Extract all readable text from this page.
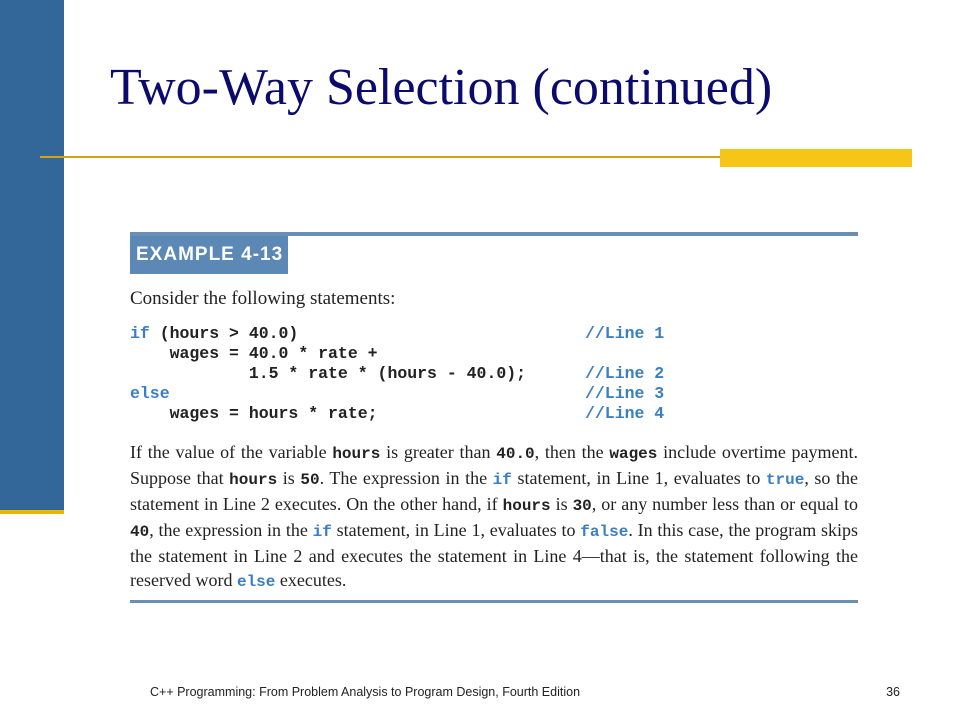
Two-Way Selection (continued)
EXAMPLE 4-13
Consider the following statements:
if (hours > 40.0)	//Line 1
wages = 40.0 * rate +
1.5 * rate * (hours - 40.0);	//Line 2
else	//Line 3
wages = hours * rate;	//Line 4
If the value of the variable hours is greater than 40.0, then the wages include overtime payment. Suppose that hours is 50. The expression in the if statement, in Line 1, evaluates to true, so the statement in Line 2 executes. On the other hand, if hours is 30, or any number less than or equal to 40, the expression in the if statement, in Line 1, evaluates to false. In this case, the program skips the statement in Line 2 and executes the statement in Line 4—that is, the statement following the reserved word else executes.
C++ Programming: From Problem Analysis to Program Design, Fourth Edition	36
